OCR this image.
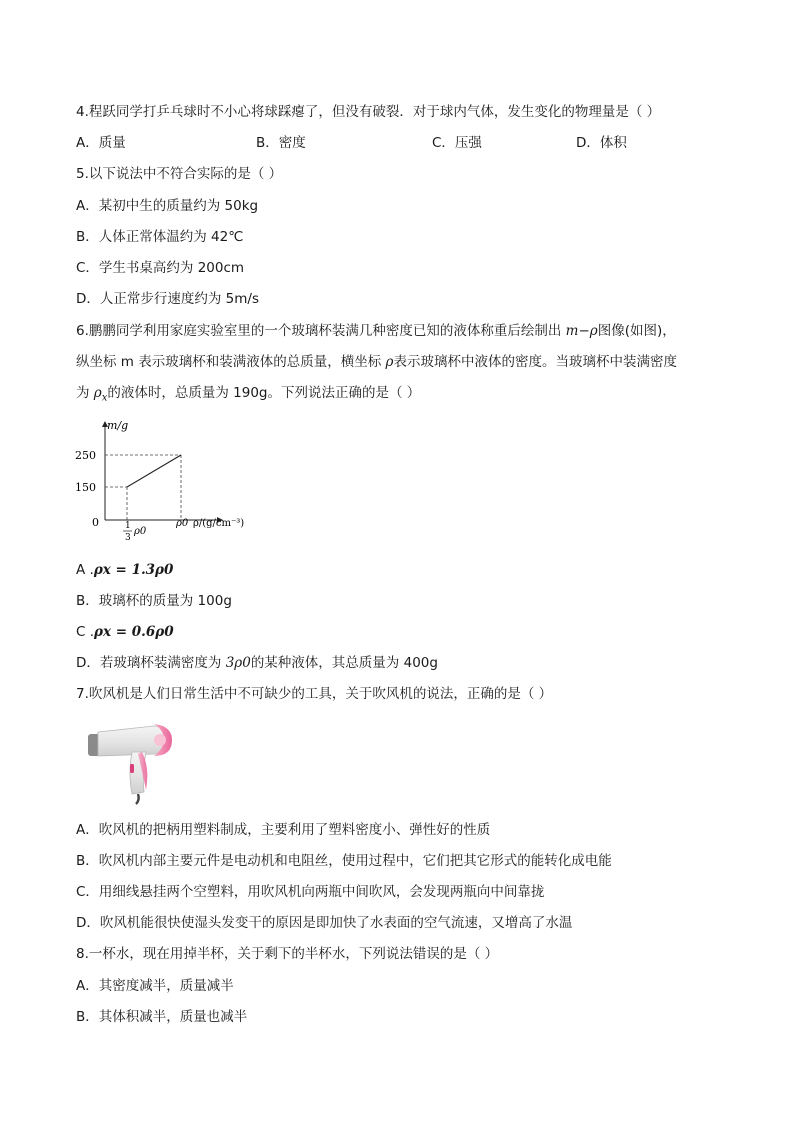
4.程跃同学打乒乓球时不小心将球踩瘪了，但没有破裂．对于球内气体，发生变化的物理量是（ ）
A．质量	B．密度	C．压强	D．体积
5.以下说法中不符合实际的是（ ）
A．某初中生的质量约为 50kg
B．人体正常体温约为 42℃
C．学生书桌高约为 200cm
D．人正常步行速度约为 5m/s
6.鹏鹏同学利用家庭实验室里的一个玻璃杯装满几种密度已知的液体称重后绘制出 m−ρ图像(如图)，
纵坐标 m 表示玻璃杯和装满液体的总质量，横坐标 ρ表示玻璃杯中液体的密度。当玻璃杯中装满密度
为 $\rho_x$的液体时，总质量为 190g。下列说法正确的是（ ）
m/g
250
150
0	1
3
ρ0
ρ0 ρ/(g/cm⁻³)
A .ρx = 1.3ρ0
B．玻璃杯的质量为 100g
C .ρx = 0.6ρ0
D．若玻璃杯装满密度为 3ρ0的某种液体，其总质量为 400g
7.吹风机是人们日常生活中不可缺少的工具，关于吹风机的说法，正确的是（ ）
A．吹风机的把柄用塑料制成，主要利用了塑料密度小、弹性好的性质
B．吹风机内部主要元件是电动机和电阻丝，使用过程中，它们把其它形式的能转化成电能
C．用细线悬挂两个空塑料，用吹风机向两瓶中间吹风，会发现两瓶向中间靠拢
D．吹风机能很快使湿头发变干的原因是即加快了水表面的空气流速，又增高了水温
8.一杯水，现在用掉半杯，关于剩下的半杯水，下列说法错误的是（ ）
A．其密度减半，质量减半
B．其体积减半，质量也减半
